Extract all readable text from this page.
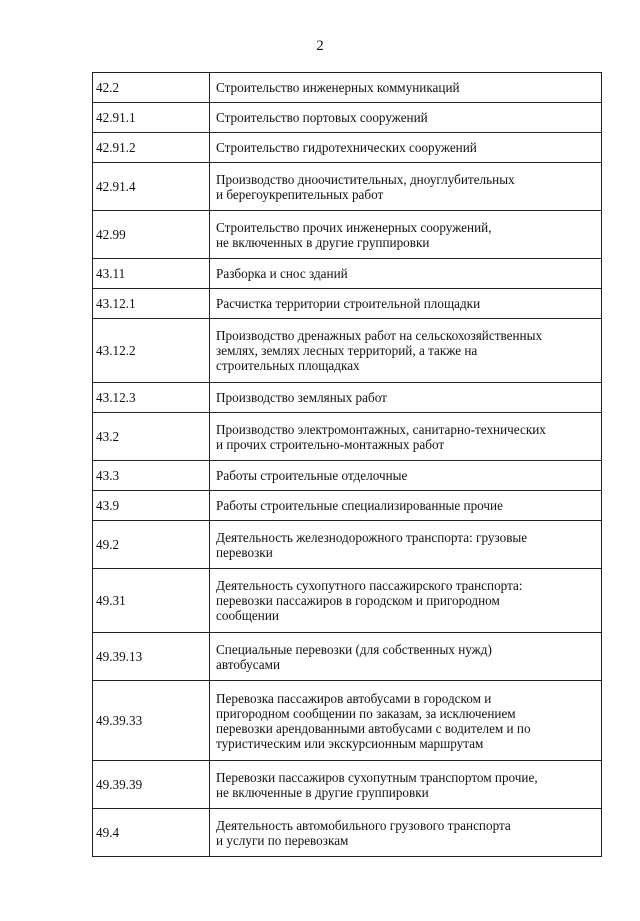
2
42.2	Строительство инженерных коммуникаций
42.91.1	Строительство портовых сооружений
42.91.2	Строительство гидротехнических сооружений
42.91.4	Производство дноочистительных, дноуглубительных
и берегоукрепительных работ
42.99	Строительство прочих инженерных сооружений,
не включенных в другие группировки
43.11	Разборка и снос зданий
43.12.1	Расчистка территории строительной площадки
43.12.2	Производство дренажных работ на сельскохозяйственных
землях, землях лесных территорий, а также на
строительных площадках
43.12.3	Производство земляных работ
43.2	Производство электромонтажных, санитарно-технических
и прочих строительно-монтажных работ
43.3	Работы строительные отделочные
43.9	Работы строительные специализированные прочие
49.2	Деятельность железнодорожного транспорта: грузовые
перевозки
49.31	Деятельность сухопутного пассажирского транспорта:
перевозки пассажиров в городском и пригородном
сообщении
49.39.13	Специальные перевозки (для собственных нужд)
автобусами
49.39.33	Перевозка пассажиров автобусами в городском и
пригородном сообщении по заказам, за исключением
перевозки арендованными автобусами с водителем и по
туристическим или экскурсионным маршрутам
49.39.39	Перевозки пассажиров сухопутным транспортом прочие,
не включенные в другие группировки
49.4	Деятельность автомобильного грузового транспорта
и услуги по перевозкам
